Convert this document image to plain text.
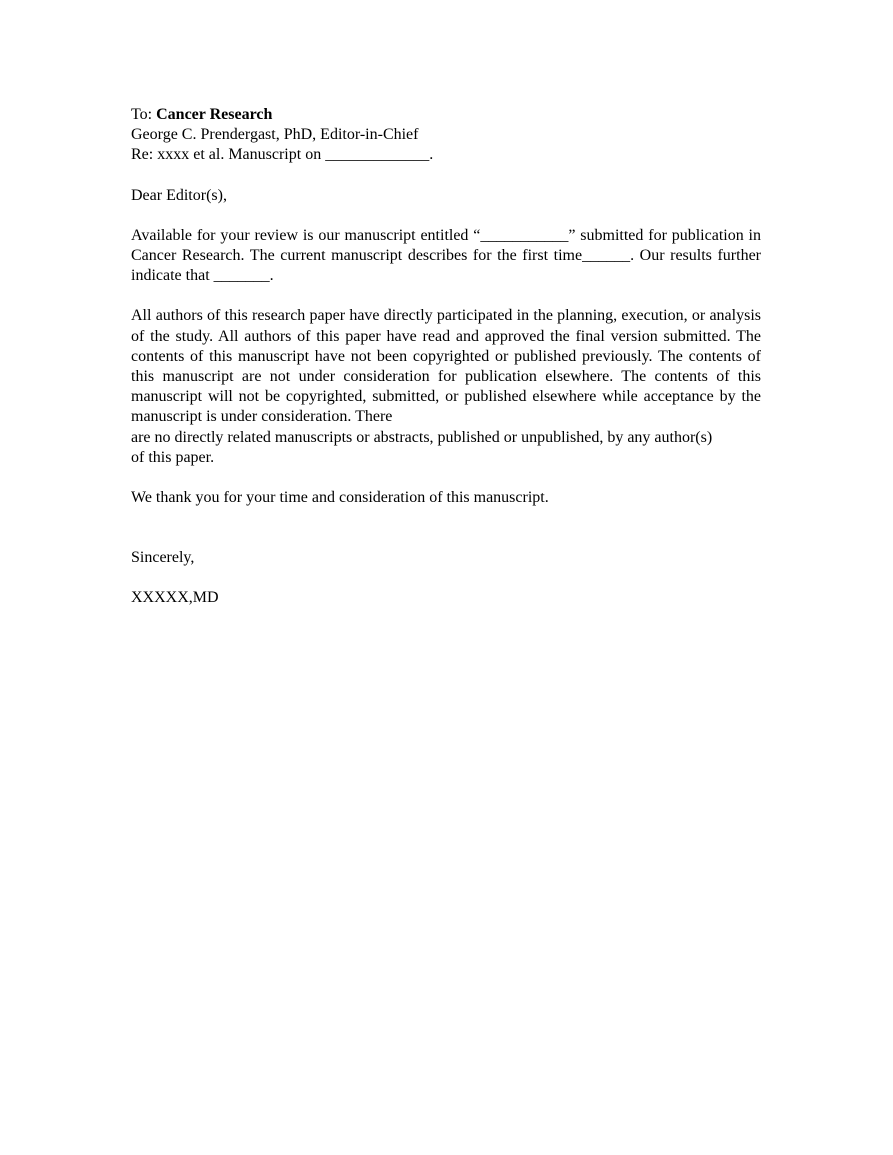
To: Cancer Research
George C. Prendergast, PhD, Editor-in-Chief
Re: xxxx et al. Manuscript on _____________.

Dear Editor(s),

Available for your review is our manuscript entitled “___________” submitted for publication in Cancer Research. The current manuscript describes for the first time______. Our results further indicate that _______.

All authors of this research paper have directly participated in the planning, execution, or analysis of the study. All authors of this paper have read and approved the final version submitted. The contents of this manuscript have not been copyrighted or published previously. The contents of this manuscript are not under consideration for publication elsewhere. The contents of this manuscript will not be copyrighted, submitted, or published elsewhere while acceptance by the manuscript is under consideration. There

are no directly related manuscripts or abstracts, published or unpublished, by any author(s)
of this paper.

We thank you for your time and consideration of this manuscript.

Sincerely,

XXXXX,MD
